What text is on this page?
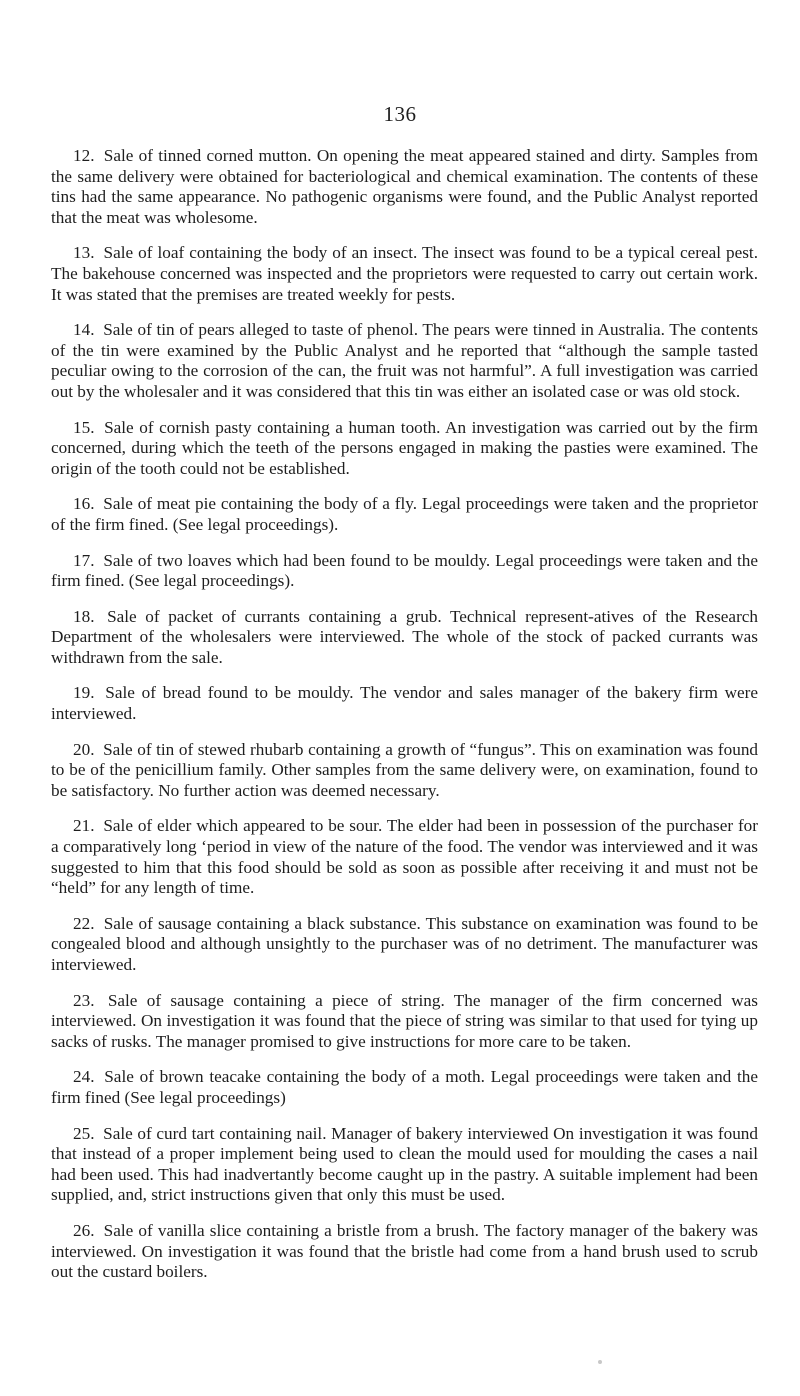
136

12. Sale of tinned corned mutton. On opening the meat appeared stained and dirty. Samples from the same delivery were obtained for bacteriological and chemical examination. The contents of these tins had the same appearance. No pathogenic organisms were found, and the Public Analyst reported that the meat was wholesome.

13. Sale of loaf containing the body of an insect. The insect was found to be a typical cereal pest. The bakehouse concerned was inspected and the proprietors were requested to carry out certain work. It was stated that the premises are treated weekly for pests.

14. Sale of tin of pears alleged to taste of phenol. The pears were tinned in Australia. The contents of the tin were examined by the Public Analyst and he reported that “although the sample tasted peculiar owing to the corrosion of the can, the fruit was not harmful”. A full investigation was carried out by the wholesaler and it was considered that this tin was either an isolated case or was old stock.

15. Sale of cornish pasty containing a human tooth. An investigation was carried out by the firm concerned, during which the teeth of the persons engaged in making the pasties were examined. The origin of the tooth could not be established.

16. Sale of meat pie containing the body of a fly. Legal proceedings were taken and the proprietor of the firm fined. (See legal proceedings).

17. Sale of two loaves which had been found to be mouldy. Legal proceedings were taken and the firm fined. (See legal proceedings).

18. Sale of packet of currants containing a grub. Technical represent-atives of the Research Department of the wholesalers were interviewed. The whole of the stock of packed currants was withdrawn from the sale.

19. Sale of bread found to be mouldy. The vendor and sales manager of the bakery firm were interviewed.

20. Sale of tin of stewed rhubarb containing a growth of “fungus”. This on examination was found to be of the penicillium family. Other samples from the same delivery were, on examination, found to be satisfactory. No further action was deemed necessary.

21. Sale of elder which appeared to be sour. The elder had been in possession of the purchaser for a comparatively long ‘period in view of the nature of the food. The vendor was interviewed and it was suggested to him that this food should be sold as soon as possible after receiving it and must not be “held” for any length of time.

22. Sale of sausage containing a black substance. This substance on examination was found to be congealed blood and although unsightly to the purchaser was of no detriment. The manufacturer was interviewed.

23. Sale of sausage containing a piece of string. The manager of the firm concerned was interviewed. On investigation it was found that the piece of string was similar to that used for tying up sacks of rusks. The manager promised to give instructions for more care to be taken.

24. Sale of brown teacake containing the body of a moth. Legal proceedings were taken and the firm fined (See legal proceedings)

25. Sale of curd tart containing nail. Manager of bakery interviewed On investigation it was found that instead of a proper implement being used to clean the mould used for moulding the cases a nail had been used. This had inadvertantly become caught up in the pastry. A suitable implement had been supplied, and, strict instructions given that only this must be used.

26. Sale of vanilla slice containing a bristle from a brush. The factory manager of the bakery was interviewed. On investigation it was found that the bristle had come from a hand brush used to scrub out the custard boilers.
